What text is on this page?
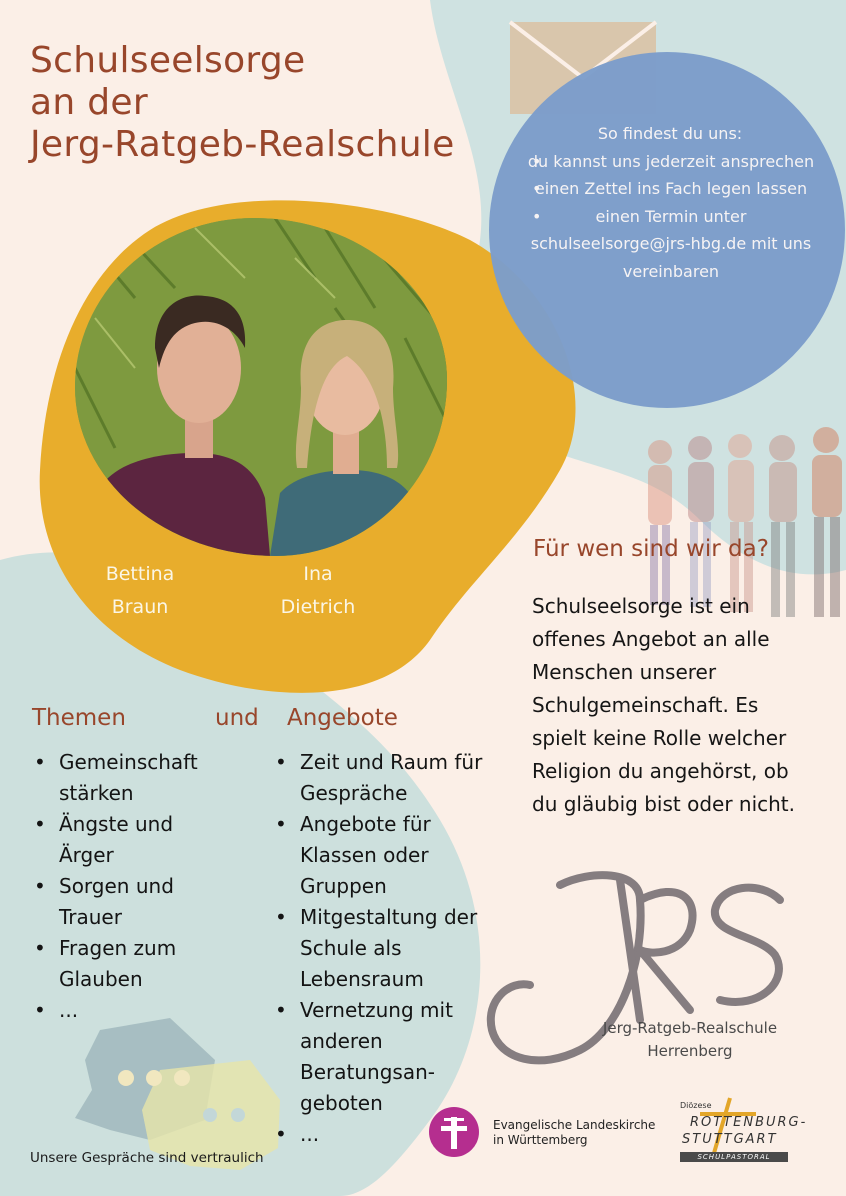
Schulseelsorge
an der
Jerg-Ratgeb-Realschule	So findest du uns:
• du kannst uns jederzeit ansprechen
• einen Zettel ins Fach legen lassen
• einen Termin unter schulseelsorge@jrs-hbg.de mit uns vereinbaren
Bettina
Braun
Ina
Dietrich
Für wen sind wir da?
Schulseelsorge ist ein offenes Angebot an alle Menschen unserer Schulgemeinschaft. Es spielt keine Rolle welcher Religion du angehörst, ob du gläubig bist oder nicht.
Themen	und Angebote
• Gemeinschaft stärken
• Ängste und Ärger
• Sorgen und Trauer
• Fragen zum Glauben
• ...
• Zeit und Raum für Gespräche
• Angebote für Klassen oder Gruppen
• Mitgestaltung der Schule als Lebensraum
• Vernetzung mit anderen Beratungsan-geboten
• ...
Jerg-Ratgeb-Realschule
Herrenberg
Evangelische Landeskirche
in Württemberg
Diözese
ROTTENBURG-
STUTTGART
SCHULPASTORAL
Unsere Gespräche sind vertraulich
